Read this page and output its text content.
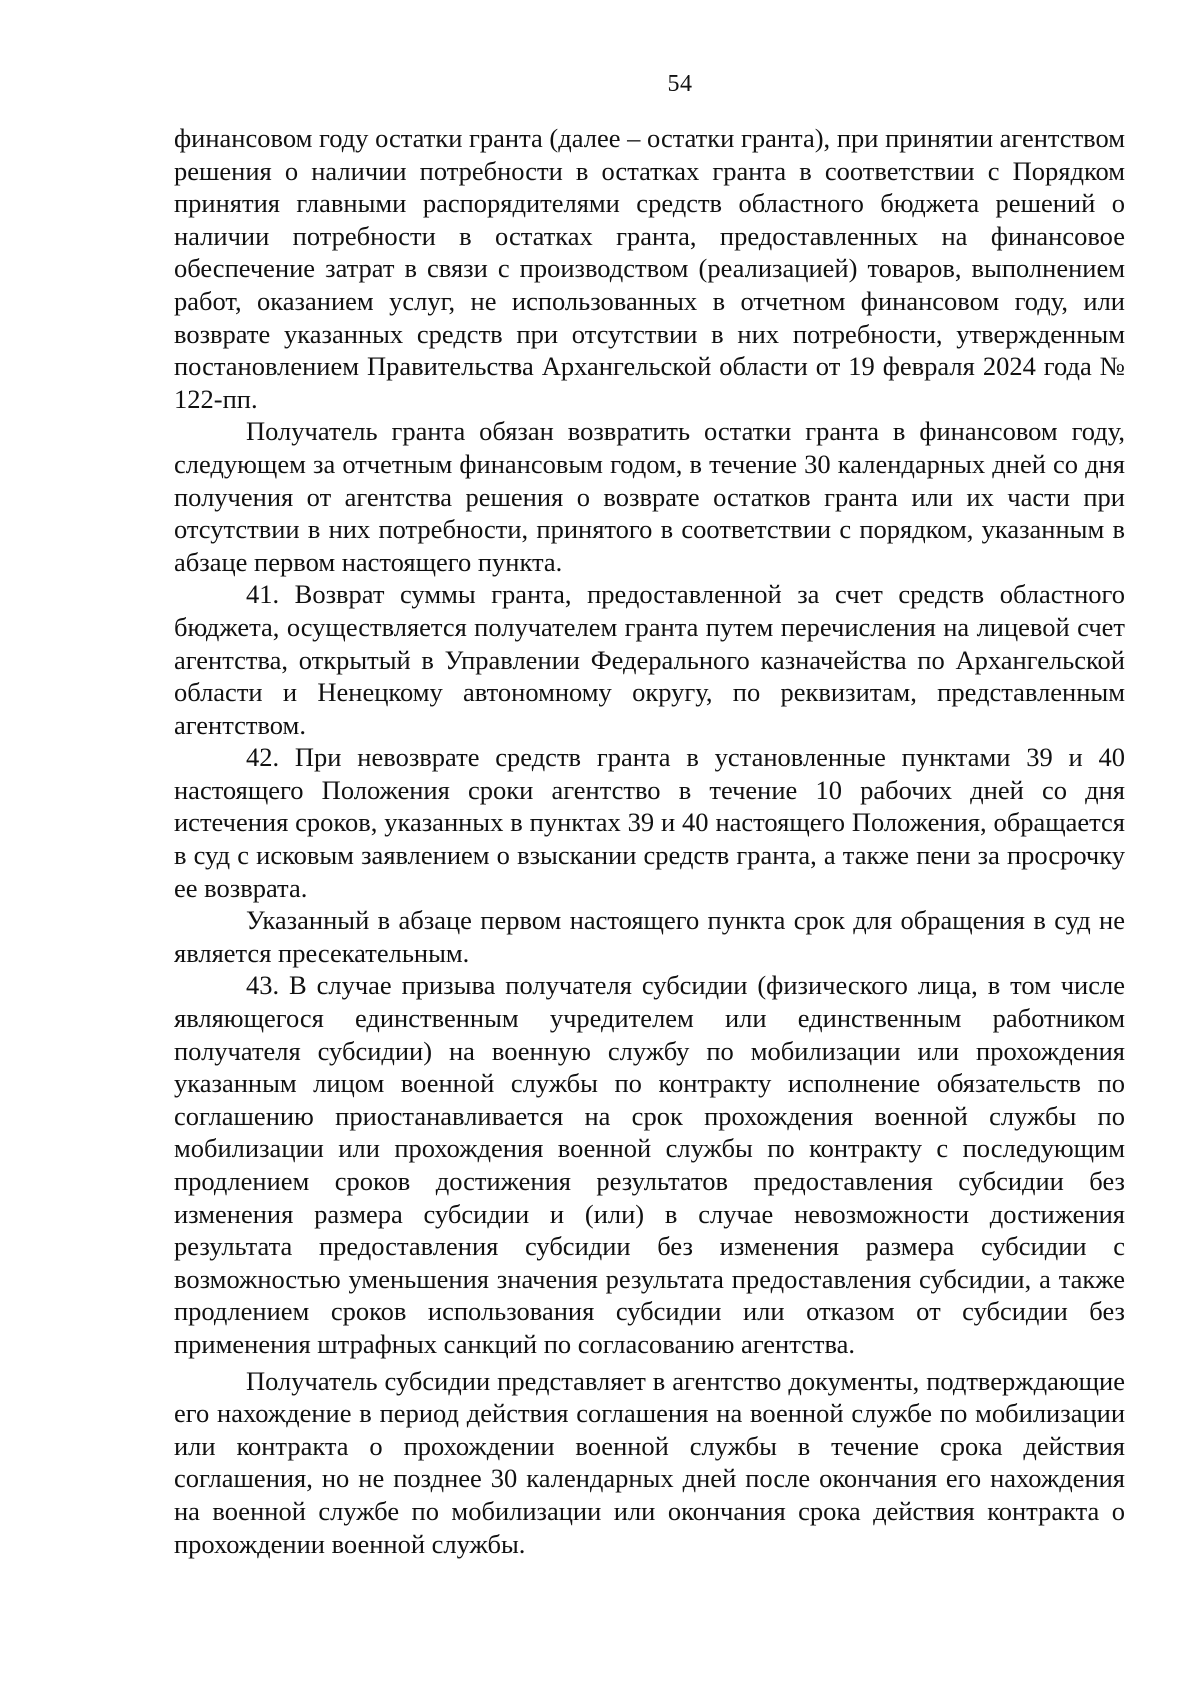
54

финансовом году остатки гранта (далее – остатки гранта), при принятии агентством решения о наличии потребности в остатках гранта в соответствии с Порядком принятия главными распорядителями средств областного бюджета решений о наличии потребности в остатках гранта, предоставленных на финансовое обеспечение затрат в связи с производством (реализацией) товаров, выполнением работ, оказанием услуг, не использованных в отчетном финансовом году, или возврате указанных средств при отсутствии в них потребности, утвержденным постановлением Правительства Архангельской области от 19 февраля 2024 года № 122-пп.

Получатель гранта обязан возвратить остатки гранта в финансовом году, следующем за отчетным финансовым годом, в течение 30 календарных дней со дня получения от агентства решения о возврате остатков гранта или их части при отсутствии в них потребности, принятого в соответствии с порядком, указанным в абзаце первом настоящего пункта.

41. Возврат суммы гранта, предоставленной за счет средств областного бюджета, осуществляется получателем гранта путем перечисления на лицевой счет агентства, открытый в Управлении Федерального казначейства по Архангельской области и Ненецкому автономному округу, по реквизитам, представленным агентством.

42. При невозврате средств гранта в установленные пунктами 39 и 40 настоящего Положения сроки агентство в течение 10 рабочих дней со дня истечения сроков, указанных в пунктах 39 и 40 настоящего Положения, обращается в суд с исковым заявлением о взыскании средств гранта, а также пени за просрочку ее возврата.

Указанный в абзаце первом настоящего пункта срок для обращения в суд не является пресекательным.

43. В случае призыва получателя субсидии (физического лица, в том числе являющегося единственным учредителем или единственным работником получателя субсидии) на военную службу по мобилизации или прохождения указанным лицом военной службы по контракту исполнение обязательств по соглашению приостанавливается на срок прохождения военной службы по мобилизации или прохождения военной службы по контракту с последующим продлением сроков достижения результатов предоставления субсидии без изменения размера субсидии и (или) в случае невозможности достижения результата предоставления субсидии без изменения размера субсидии с возможностью уменьшения значения результата предоставления субсидии, а также продлением сроков использования субсидии или отказом от субсидии без применения штрафных санкций по согласованию агентства.

Получатель субсидии представляет в агентство документы, подтверждающие его нахождение в период действия соглашения на военной службе по мобилизации или контракта о прохождении военной службы в течение срока действия соглашения, но не позднее 30 календарных дней после окончания его нахождения на военной службе по мобилизации или окончания срока действия контракта о прохождении военной службы.
